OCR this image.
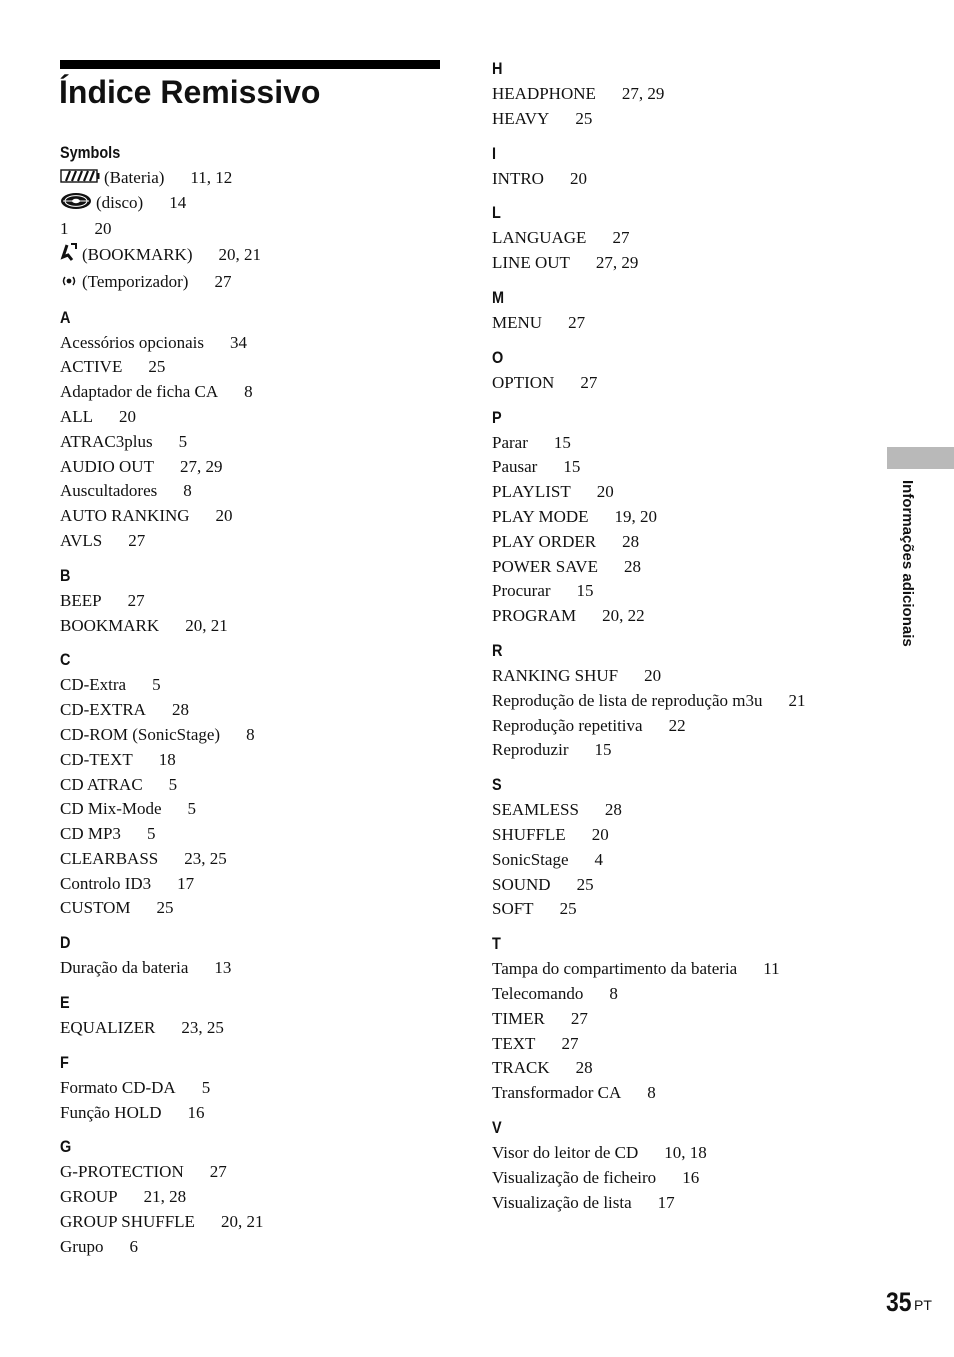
Índice Remissivo
Symbols
(Bateria) 11, 12
(disco) 14
1 20
(BOOKMARK) 20, 21
(Temporizador) 27
A
Acessórios opcionais 34
ACTIVE 25
Adaptador de ficha CA 8
ALL 20
ATRAC3plus 5
AUDIO OUT 27, 29
Auscultadores 8
AUTO RANKING 20
AVLS 27
B
BEEP 27
BOOKMARK 20, 21
C
CD-Extra 5
CD-EXTRA 28
CD-ROM (SonicStage) 8
CD-TEXT 18
CD ATRAC 5
CD Mix-Mode 5
CD MP3 5
CLEARBASS 23, 25
Controlo ID3 17
CUSTOM 25
D
Duração da bateria 13
E
EQUALIZER 23, 25
F
Formato CD-DA 5
Função HOLD 16
G
G-PROTECTION 27
GROUP 21, 28
GROUP SHUFFLE 20, 21
Grupo 6
H
HEADPHONE 27, 29
HEAVY 25
I
INTRO 20
L
LANGUAGE 27
LINE OUT 27, 29
M
MENU 27
O
OPTION 27
P
Parar 15
Pausar 15
PLAYLIST 20
PLAY MODE 19, 20
PLAY ORDER 28
POWER SAVE 28
Procurar 15
PROGRAM 20, 22
R
RANKING SHUF 20
Reprodução de lista de reprodução m3u 21
Reprodução repetitiva 22
Reproduzir 15
S
SEAMLESS 28
SHUFFLE 20
SonicStage 4
SOUND 25
SOFT 25
T
Tampa do compartimento da bateria 11
Telecomando 8
TIMER 27
TEXT 27
TRACK 28
Transformador CA 8
V
Visor do leitor de CD 10, 18
Visualização de ficheiro 16
Visualização de lista 17
Informações adicionais
35 PT
